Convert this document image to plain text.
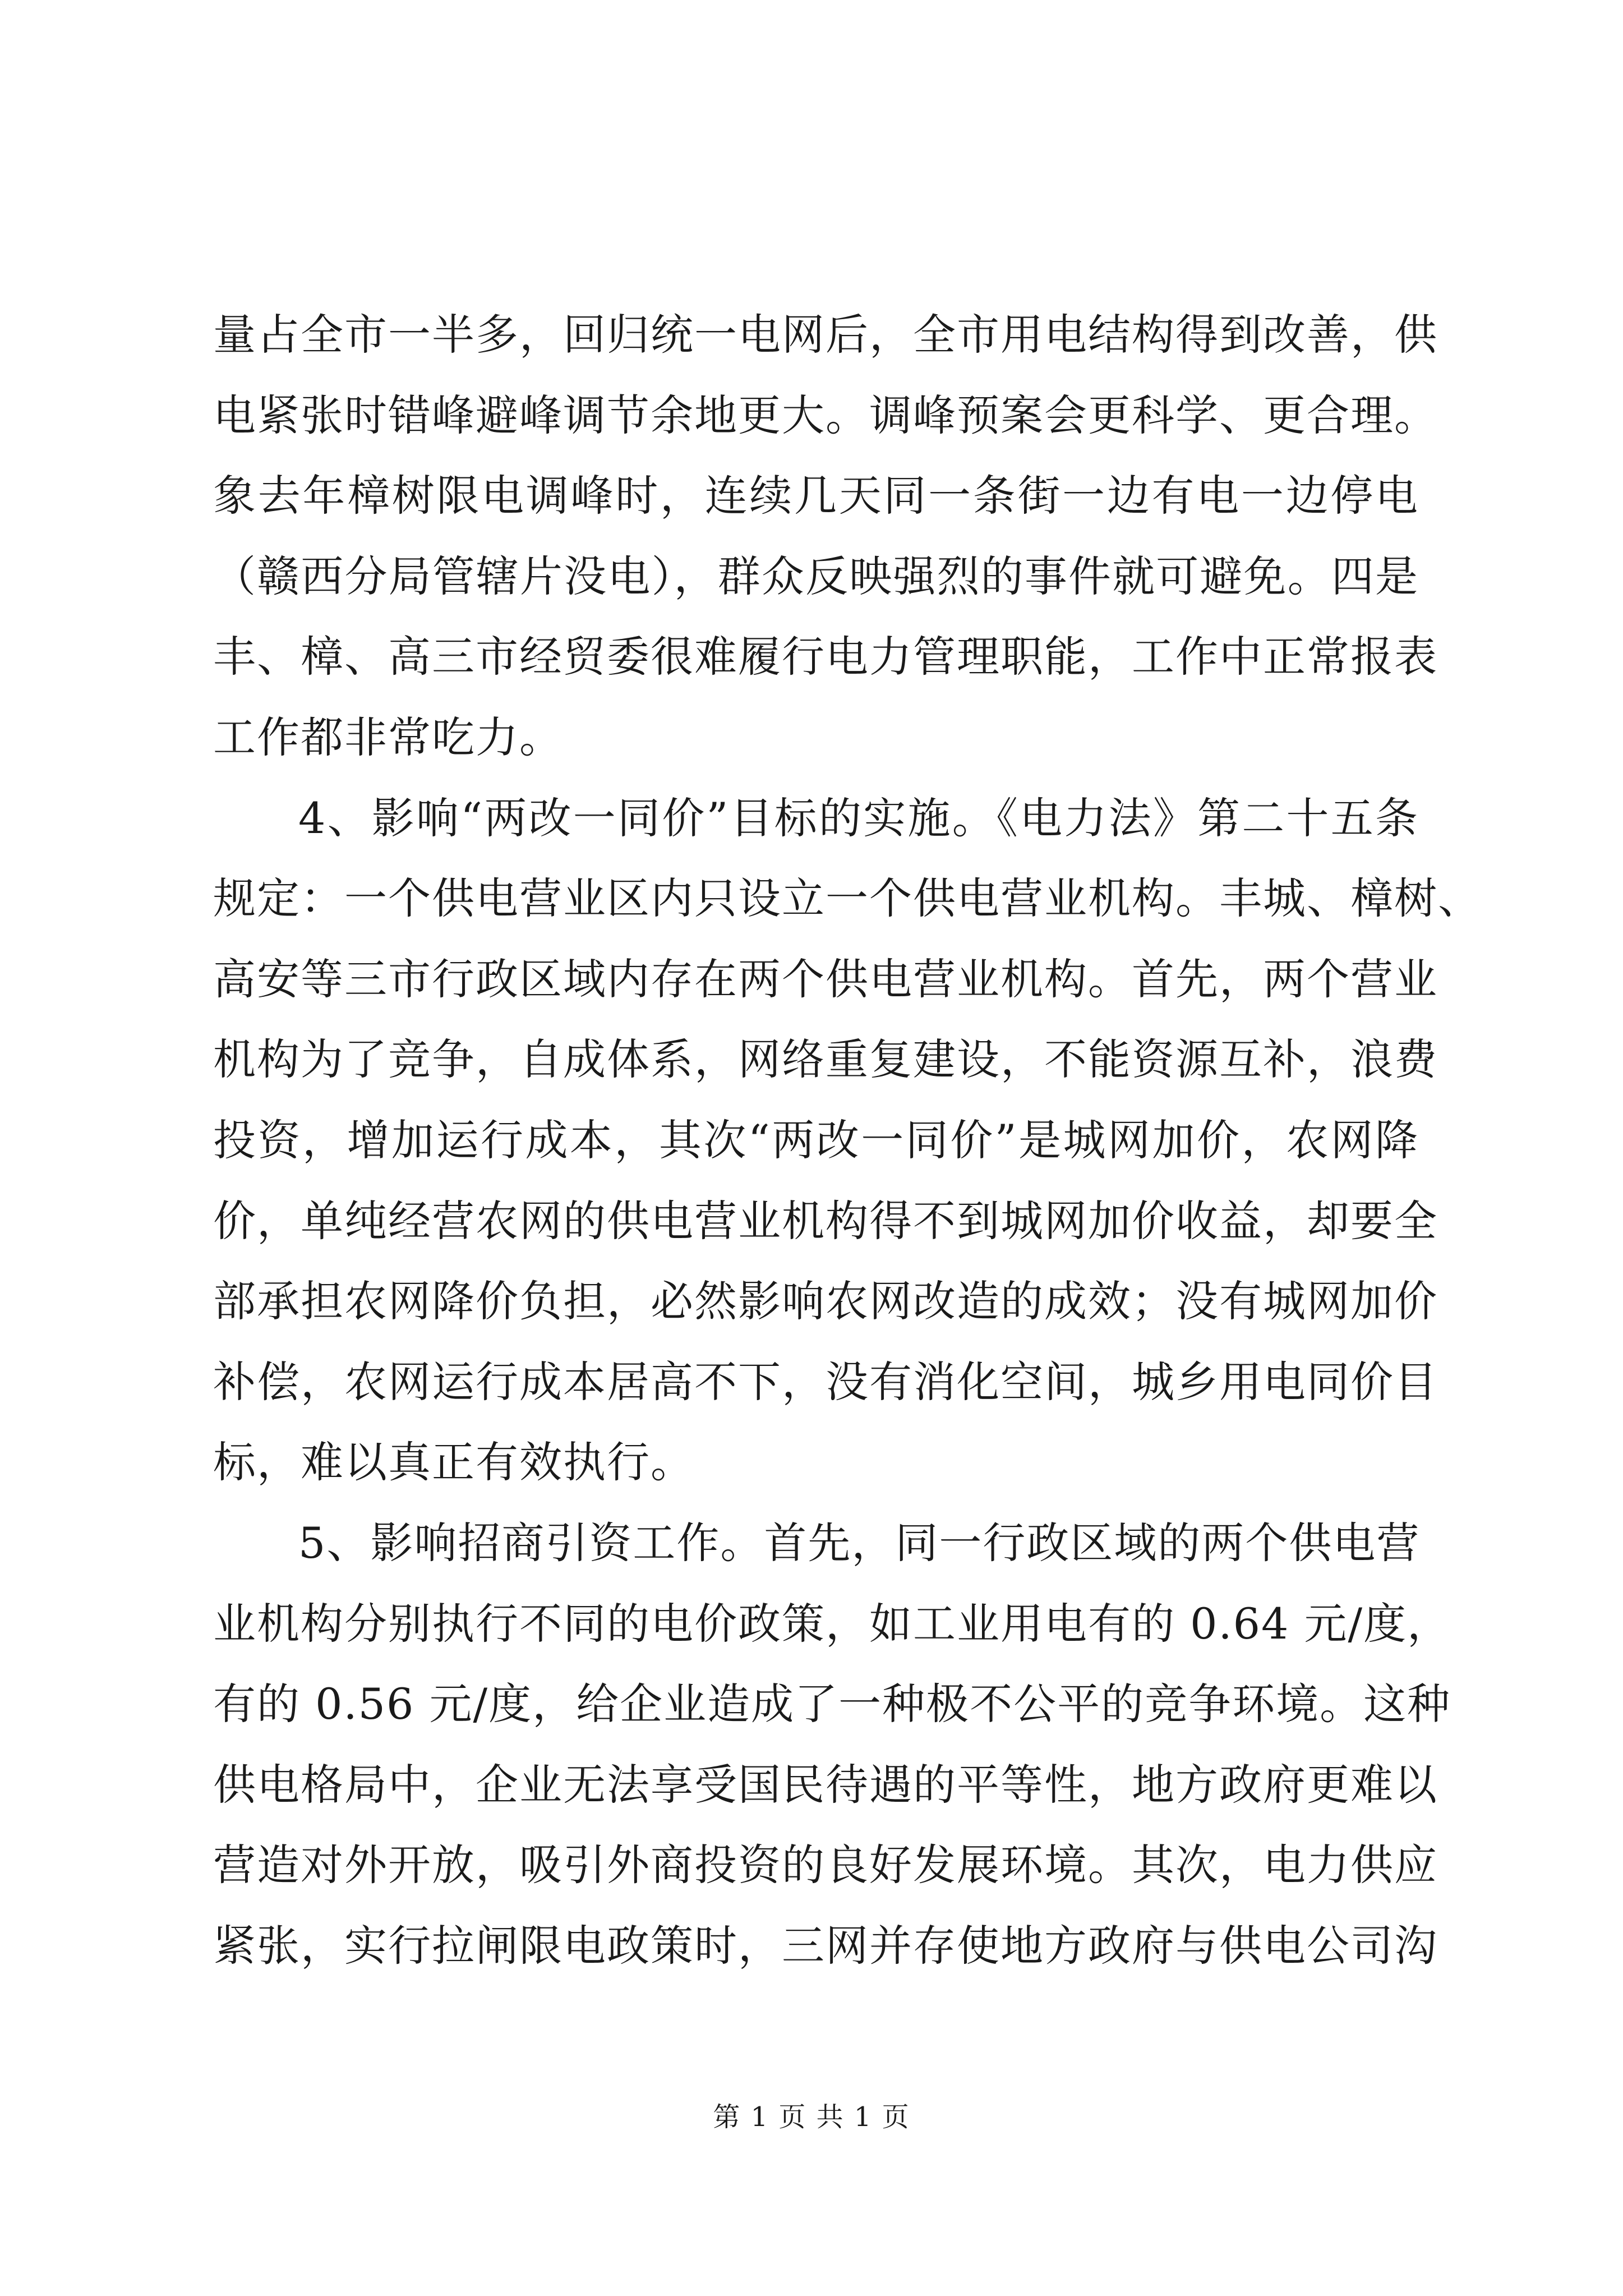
量占全市一半多，回归统一电网后，全市用电结构得到改善，供
电紧张时错峰避峰调节余地更大。调峰预案会更科学、更合理。
象去年樟树限电调峰时，连续几天同一条街一边有电一边停电
（赣西分局管辖片没电），群众反映强烈的事件就可避免。四是
丰、樟、高三市经贸委很难履行电力管理职能，工作中正常报表
工作都非常吃力。
4、影响“两改一同价”目标的实施。《电力法》第二十五条
规定：一个供电营业区内只设立一个供电营业机构。丰城、樟树、
高安等三市行政区域内存在两个供电营业机构。首先，两个营业
机构为了竞争，自成体系，网络重复建设，不能资源互补，浪费
投资，增加运行成本，其次“两改一同价”是城网加价，农网降
价，单纯经营农网的供电营业机构得不到城网加价收益，却要全
部承担农网降价负担，必然影响农网改造的成效；没有城网加价
补偿，农网运行成本居高不下，没有消化空间，城乡用电同价目
标，难以真正有效执行。
5、影响招商引资工作。首先，同一行政区域的两个供电营
业机构分别执行不同的电价政策，如工业用电有的 0.64 元/度，
有的 0.56 元/度，给企业造成了一种极不公平的竞争环境。这种
供电格局中，企业无法享受国民待遇的平等性，地方政府更难以
营造对外开放，吸引外商投资的良好发展环境。其次，电力供应
紧张，实行拉闸限电政策时，三网并存使地方政府与供电公司沟
第 1 页 共 1 页
